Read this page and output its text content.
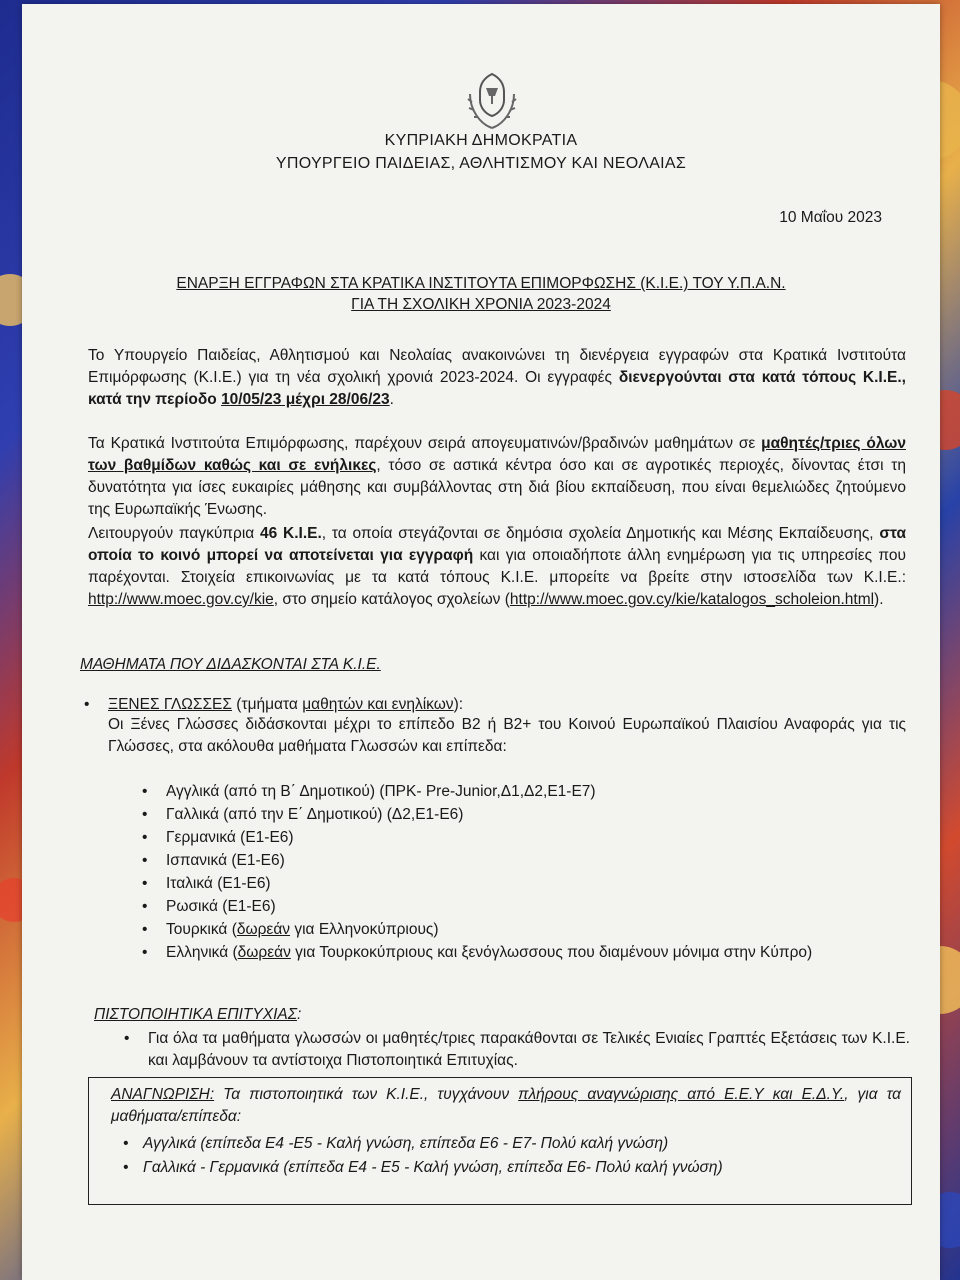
ΚΥΠΡΙΑΚΗ ΔΗΜΟΚΡΑΤΙΑ
ΥΠΟΥΡΓΕΙΟ ΠΑΙΔΕΙΑΣ, ΑΘΛΗΤΙΣΜΟΥ ΚΑΙ ΝΕΟΛΑΙΑΣ
10 Μαΐου 2023
ΕΝΑΡΞΗ ΕΓΓΡΑΦΩΝ ΣΤΑ ΚΡΑΤΙΚΑ ΙΝΣΤΙΤΟΥΤΑ ΕΠΙΜΟΡΦΩΣΗΣ (Κ.Ι.Ε.) ΤΟΥ Υ.Π.Α.Ν.
ΓΙΑ ΤΗ ΣΧΟΛΙΚΗ ΧΡΟΝΙΑ 2023-2024
Το Υπουργείο Παιδείας, Αθλητισμού και Νεολαίας ανακοινώνει τη διενέργεια εγγραφών στα Κρατικά Ινστιτούτα Επιμόρφωσης (Κ.Ι.Ε.) για τη νέα σχολική χρονιά 2023-2024. Οι εγγραφές διενεργούνται στα κατά τόπους Κ.Ι.Ε., κατά την περίοδο 10/05/23 μέχρι 28/06/23.
Τα Κρατικά Ινστιτούτα Επιμόρφωσης, παρέχουν σειρά απογευματινών/βραδινών μαθημάτων σε μαθητές/τριες όλων των βαθμίδων καθώς και σε ενήλικες, τόσο σε αστικά κέντρα όσο και σε αγροτικές περιοχές, δίνοντας έτσι τη δυνατότητα για ίσες ευκαιρίες μάθησης και συμβάλλοντας στη διά βίου εκπαίδευση, που είναι θεμελιώδες ζητούμενο της Ευρωπαϊκής Ένωσης.
Λειτουργούν παγκύπρια 46 Κ.Ι.Ε., τα οποία στεγάζονται σε δημόσια σχολεία Δημοτικής και Μέσης Εκπαίδευσης, στα οποία το κοινό μπορεί να αποτείνεται για εγγραφή και για οποιαδήποτε άλλη ενημέρωση για τις υπηρεσίες που παρέχονται. Στοιχεία επικοινωνίας με τα κατά τόπους Κ.Ι.Ε. μπορείτε να βρείτε στην ιστοσελίδα των Κ.Ι.Ε.: http://www.moec.gov.cy/kie, στο σημείο κατάλογος σχολείων (http://www.moec.gov.cy/kie/katalogos_scholeion.html).
ΜΑΘΗΜΑΤΑ ΠΟΥ ΔΙΔΑΣΚΟΝΤΑΙ ΣΤΑ Κ.Ι.Ε.
• ΞΕΝΕΣ ΓΛΩΣΣΕΣ (τμήματα μαθητών και ενηλίκων):
Οι Ξένες Γλώσσες διδάσκονται μέχρι το επίπεδο Β2 ή Β2+ του Κοινού Ευρωπαϊκού Πλαισίου Αναφοράς για τις Γλώσσες, στα ακόλουθα μαθήματα Γλωσσών και επίπεδα:
• Αγγλικά (από τη Β΄ Δημοτικού) (ΠΡΚ- Pre-Junior,Δ1,Δ2,Ε1-Ε7)
• Γαλλικά (από την Ε΄ Δημοτικού) (Δ2,Ε1-Ε6)
• Γερμανικά (Ε1-Ε6)
• Ισπανικά (Ε1-Ε6)
• Ιταλικά (Ε1-Ε6)
• Ρωσικά (Ε1-Ε6)
• Τουρκικά (δωρεάν για Ελληνοκύπριους)
• Ελληνικά (δωρεάν για Τουρκοκύπριους και ξενόγλωσσους που διαμένουν μόνιμα στην Κύπρο)
ΠΙΣΤΟΠΟΙΗΤΙΚΑ ΕΠΙΤΥΧΙΑΣ:
• Για όλα τα μαθήματα γλωσσών οι μαθητές/τριες παρακάθονται σε Τελικές Ενιαίες Γραπτές Εξετάσεις των Κ.Ι.Ε. και λαμβάνουν τα αντίστοιχα Πιστοποιητικά Επιτυχίας.
ΑΝΑΓΝΩΡΙΣΗ: Τα πιστοποιητικά των Κ.Ι.Ε., τυγχάνουν πλήρους αναγνώρισης από Ε.Ε.Υ και Ε.Δ.Υ., για τα μαθήματα/επίπεδα:
• Αγγλικά (επίπεδα Ε4 -Ε5 - Καλή γνώση, επίπεδα Ε6 - Ε7- Πολύ καλή γνώση)
• Γαλλικά - Γερμανικά (επίπεδα Ε4 - Ε5 - Καλή γνώση, επίπεδα Ε6- Πολύ καλή γνώση)
